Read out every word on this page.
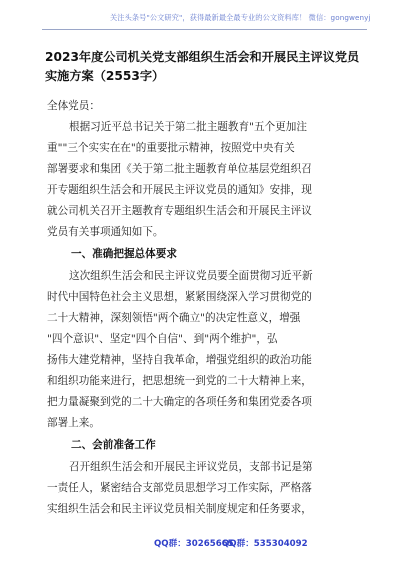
关注头条号"公文研究"，获得最新最全最专业的公文资料库！ 微信：gongwenyj
2023年度公司机关党支部组织生活会和开展民主评议党员
实施方案（2553字）
全体党员：
根据习近平总书记关于第二批主题教育"五个更加注
重""三个实实在在"的重要批示精神，按照党中央有关
部署要求和集团《关于第二批主题教育单位基层党组织召
开专题组织生活会和开展民主评议党员的通知》安排，现
就公司机关召开主题教育专题组织生活会和开展民主评议
党员有关事项通知如下。
一、准确把握总体要求
这次组织生活会和民主评议党员要全面贯彻习近平新
时代中国特色社会主义思想，紧紧围绕深入学习贯彻党的
二十大精神，深刻领悟"两个确立"的决定性意义，增强
"四个意识"、坚定"四个自信"、到"两个维护"，弘
扬伟大建党精神，坚持自我革命，增强党组织的政治功能
和组织功能来进行，把思想统一到党的二十大精神上来，
把力量凝聚到党的二十大确定的各项任务和集团党委各项
部署上来。
二、会前准备工作
召开组织生活会和开展民主评议党员，支部书记是第
一责任人，紧密结合支部党员思想学习工作实际，严格落
实组织生活会和民主评议党员相关制度规定和任务要求，
QQ群：30265665
QQ群：535304092
